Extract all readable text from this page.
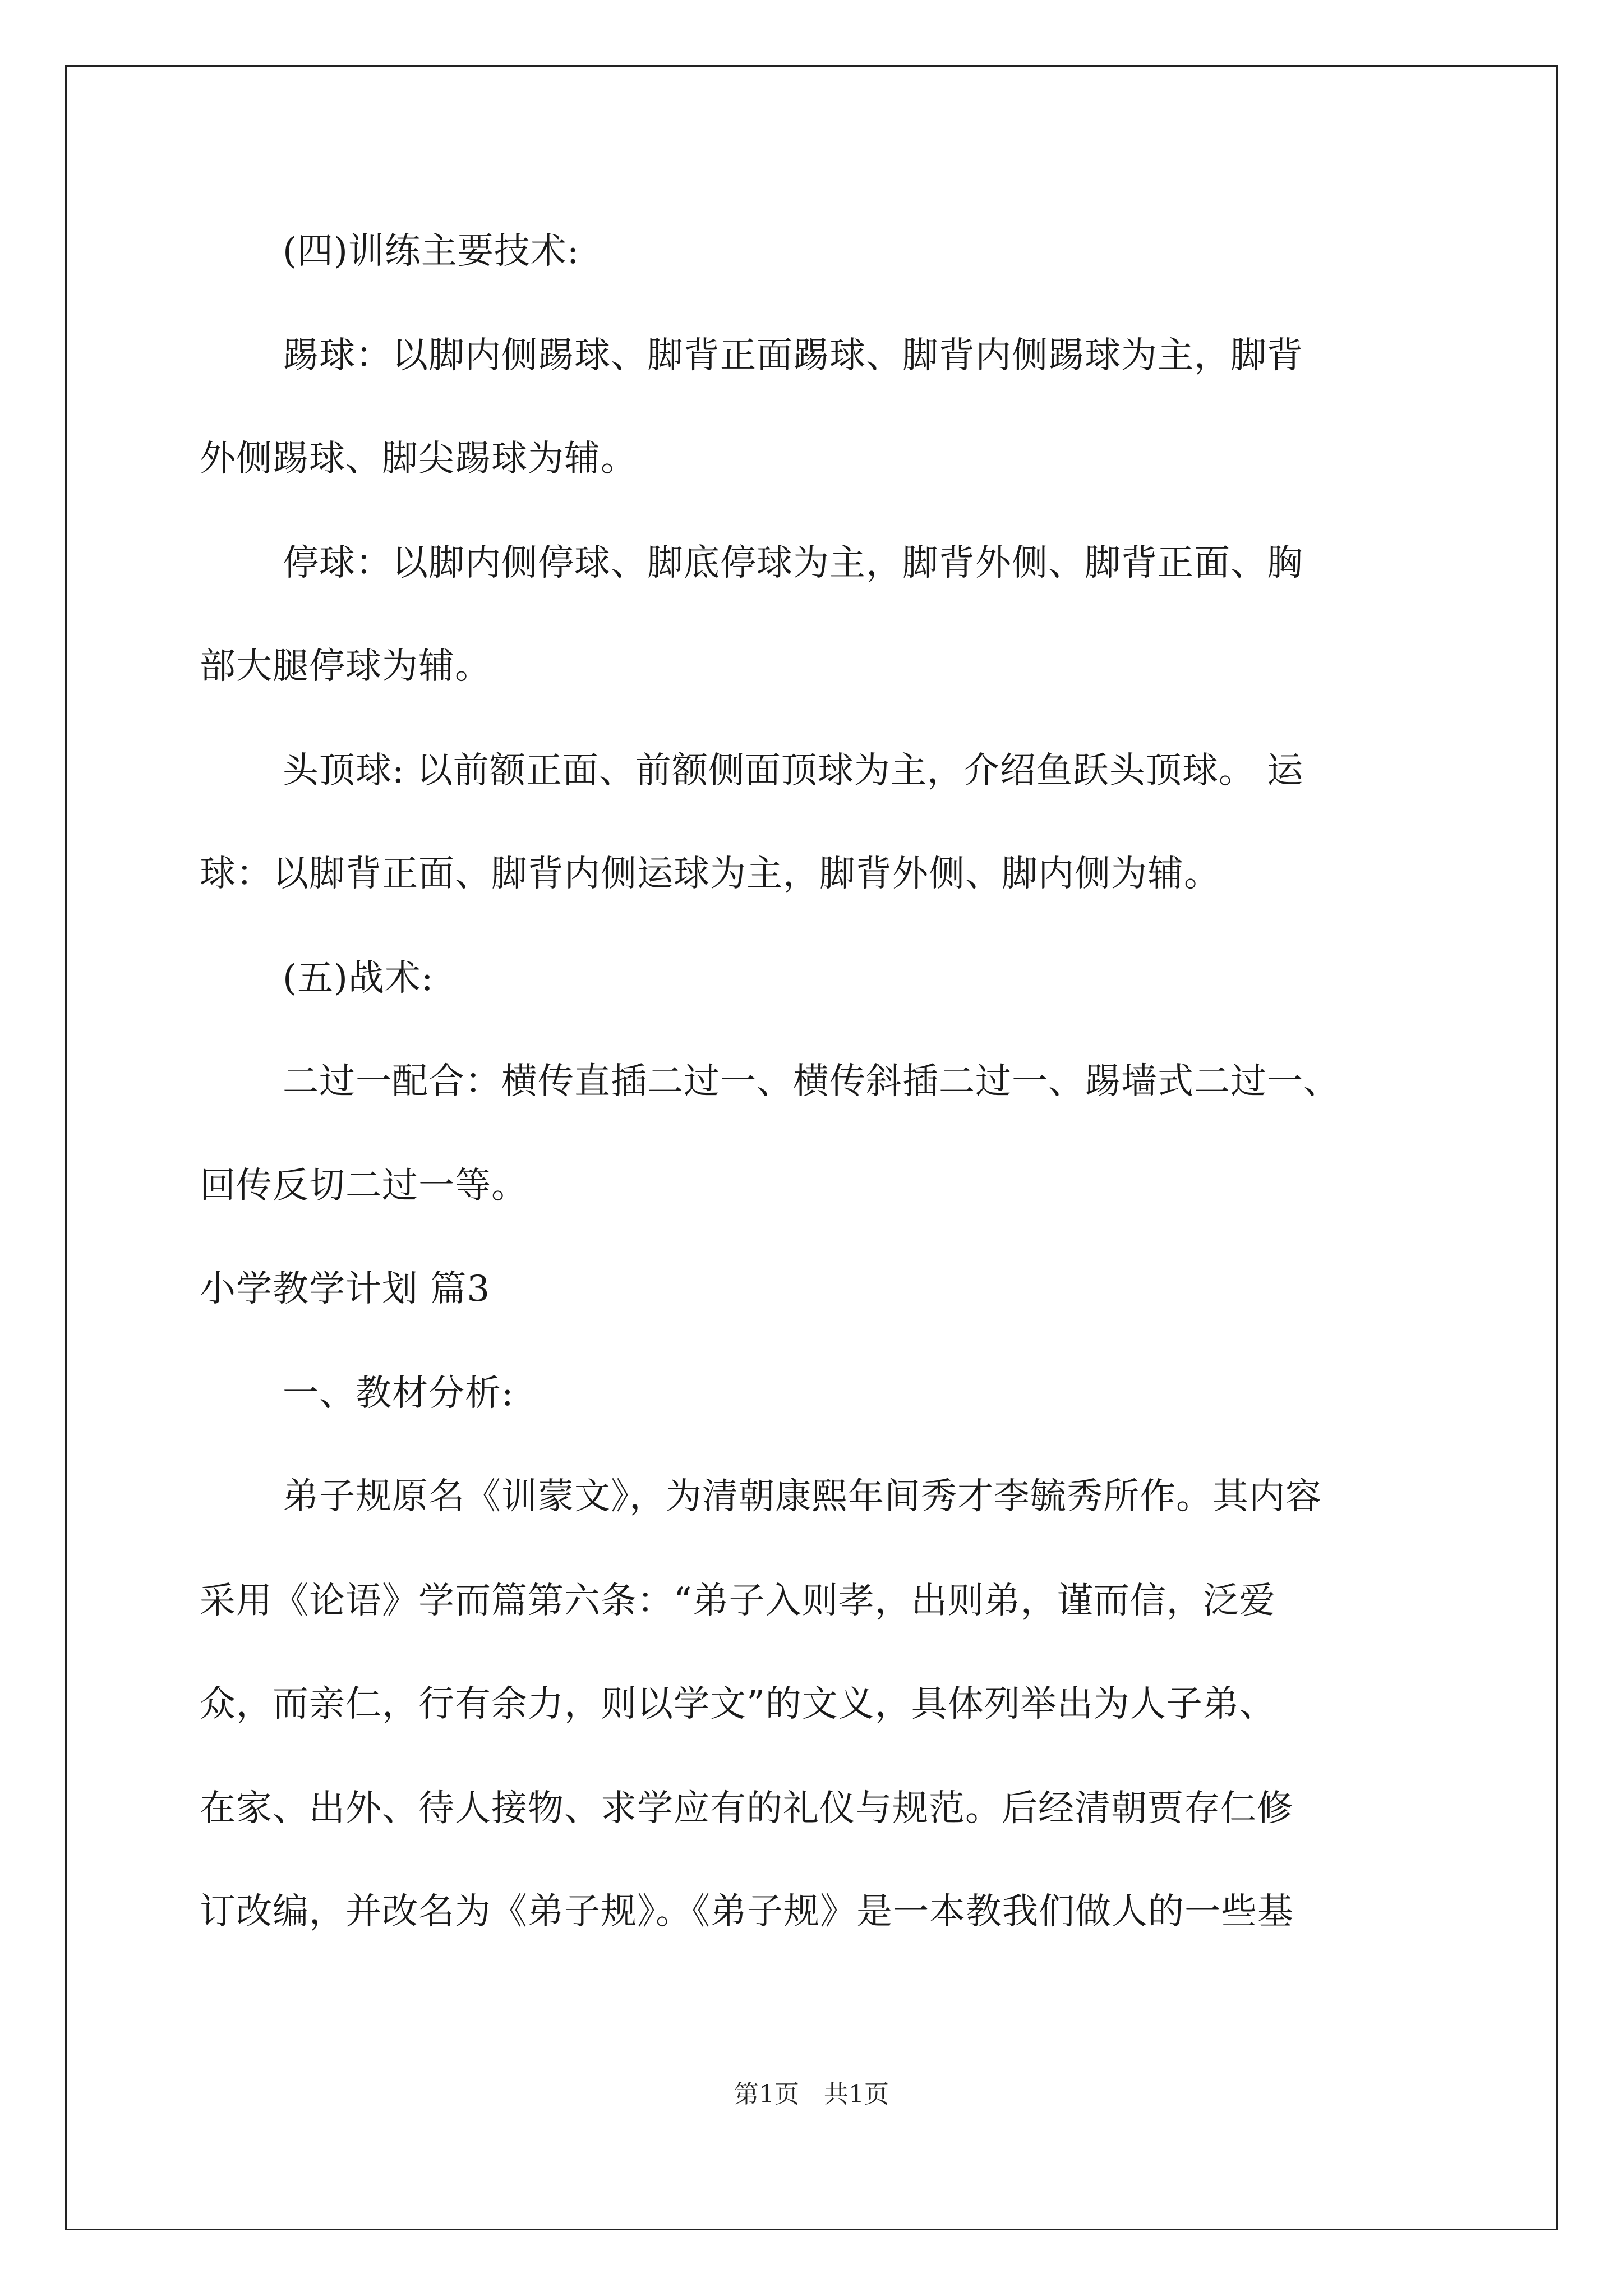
(四)训练主要技术:
踢球：以脚内侧踢球、脚背正面踢球、脚背内侧踢球为主，脚背
外侧踢球、脚尖踢球为辅。
停球：以脚内侧停球、脚底停球为主，脚背外侧、脚背正面、胸
部大腿停球为辅。
头顶球: 以前额正面、前额侧面顶球为主，介绍鱼跃头顶球。 运
球：以脚背正面、脚背内侧运球为主，脚背外侧、脚内侧为辅。
(五)战术:
二过一配合：横传直插二过一、横传斜插二过一、踢墙式二过一、
回传反切二过一等。
小学教学计划 篇3
一、教材分析:
弟子规原名《训蒙文》，为清朝康熙年间秀才李毓秀所作。其内容
采用《论语》学而篇第六条：“弟子入则孝，出则弟，谨而信，泛爱
众，而亲仁，行有余力，则以学文”的文义，具体列举出为人子弟、
在家、出外、待人接物、求学应有的礼仪与规范。后经清朝贾存仁修
订改编，并改名为《弟子规》。《弟子规》是一本教我们做人的一些基
第1页　共1页
